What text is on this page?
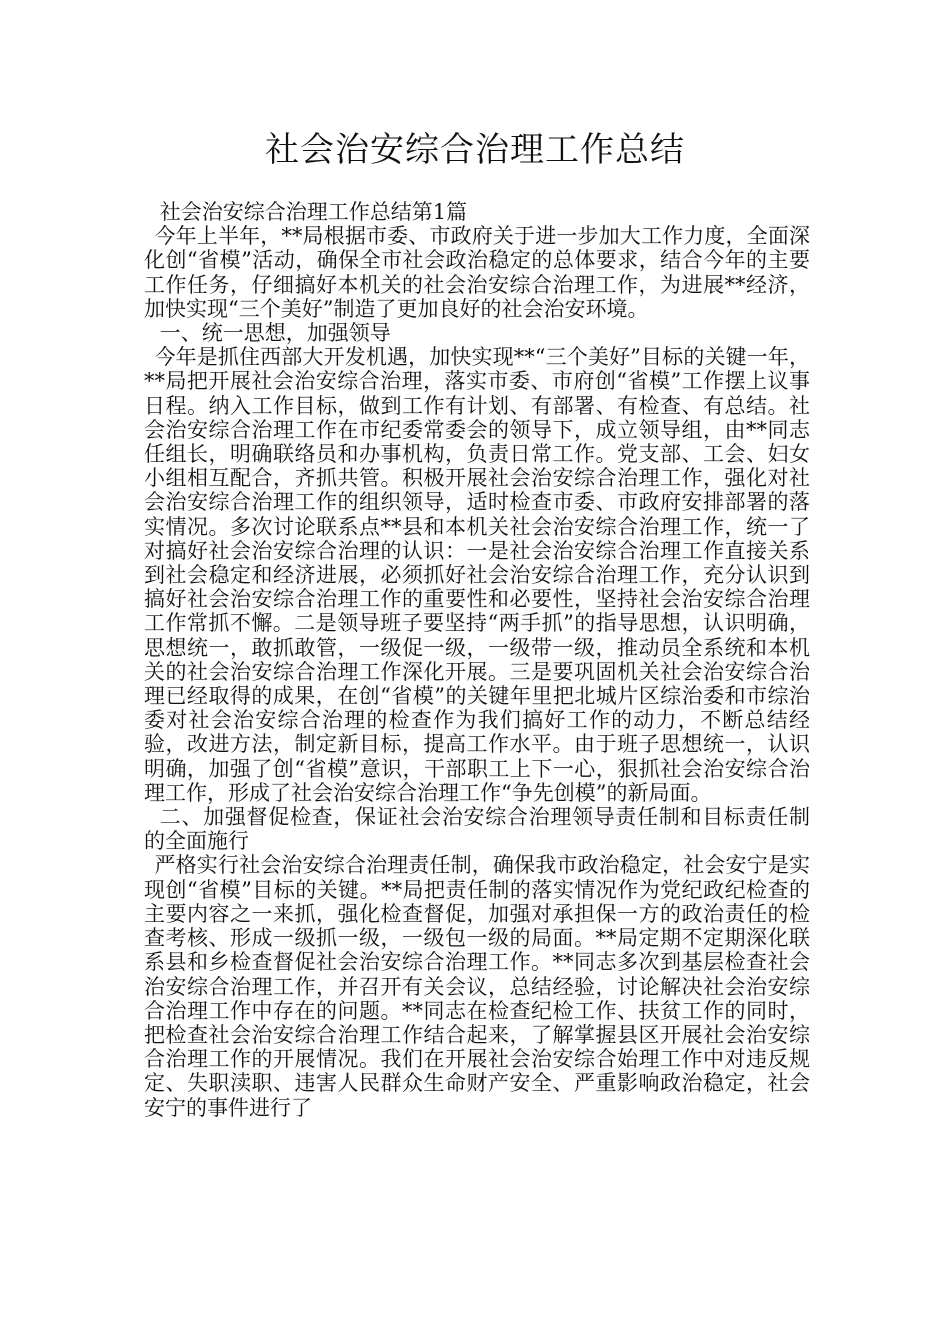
社会治安综合治理工作总结

社会治安综合治理工作总结第1篇

今年上半年，**局根据市委、市政府关于进一步加大工作力度，全面深化创“省模”活动，确保全市社会政治稳定的总体要求，结合今年的主要工作任务，仔细搞好本机关的社会治安综合治理工作，为进展**经济，加快实现“三个美好”制造了更加良好的社会治安环境。

一、统一思想，加强领导

今年是抓住西部大开发机遇，加快实现**“三个美好”目标的关键一年，**局把开展社会治安综合治理，落实市委、市府创“省模”工作摆上议事日程。纳入工作目标，做到工作有计划、有部署、有检查、有总结。社会治安综合治理工作在市纪委常委会的领导下，成立领导组，由**同志任组长，明确联络员和办事机构，负责日常工作。党支部、工会、妇女小组相互配合，齐抓共管。积极开展社会治安综合治理工作，强化对社会治安综合治理工作的组织领导，适时检查市委、市政府安排部署的落实情况。多次讨论联系点**县和本机关社会治安综合治理工作，统一了对搞好社会治安综合治理的认识：一是社会治安综合治理工作直接关系到社会稳定和经济进展，必须抓好社会治安综合治理工作，充分认识到搞好社会治安综合治理工作的重要性和必要性，坚持社会治安综合治理工作常抓不懈。二是领导班子要坚持“两手抓”的指导思想，认识明确，思想统一，敢抓敢管，一级促一级，一级带一级，推动员全系统和本机关的社会治安综合治理工作深化开展。三是要巩固机关社会治安综合治理已经取得的成果，在创“省模”的关键年里把北城片区综治委和市综治委对社会治安综合治理的检查作为我们搞好工作的动力，不断总结经验，改进方法，制定新目标，提高工作水平。由于班子思想统一，认识明确，加强了创“省模”意识，干部职工上下一心，狠抓社会治安综合治理工作，形成了社会治安综合治理工作“争先创模”的新局面。

二、加强督促检查，保证社会治安综合治理领导责任制和目标责任制的全面施行

严格实行社会治安综合治理责任制，确保我市政治稳定，社会安宁是实现创“省模”目标的关键。**局把责任制的落实情况作为党纪政纪检查的主要内容之一来抓，强化检查督促，加强对承担保一方的政治责任的检查考核、形成一级抓一级，一级包一级的局面。**局定期不定期深化联系县和乡检查督促社会治安综合治理工作。**同志多次到基层检查社会治安综合治理工作，并召开有关会议，总结经验，讨论解决社会治安综合治理工作中存在的问题。**同志在检查纪检工作、扶贫工作的同时，把检查社会治安综合治理工作结合起来，了解掌握县区开展社会治安综合治理工作的开展情况。我们在开展社会治安综合始理工作中对违反规定、失职渎职、违害人民群众生命财产安全、严重影响政治稳定，社会安宁的事件进行了
